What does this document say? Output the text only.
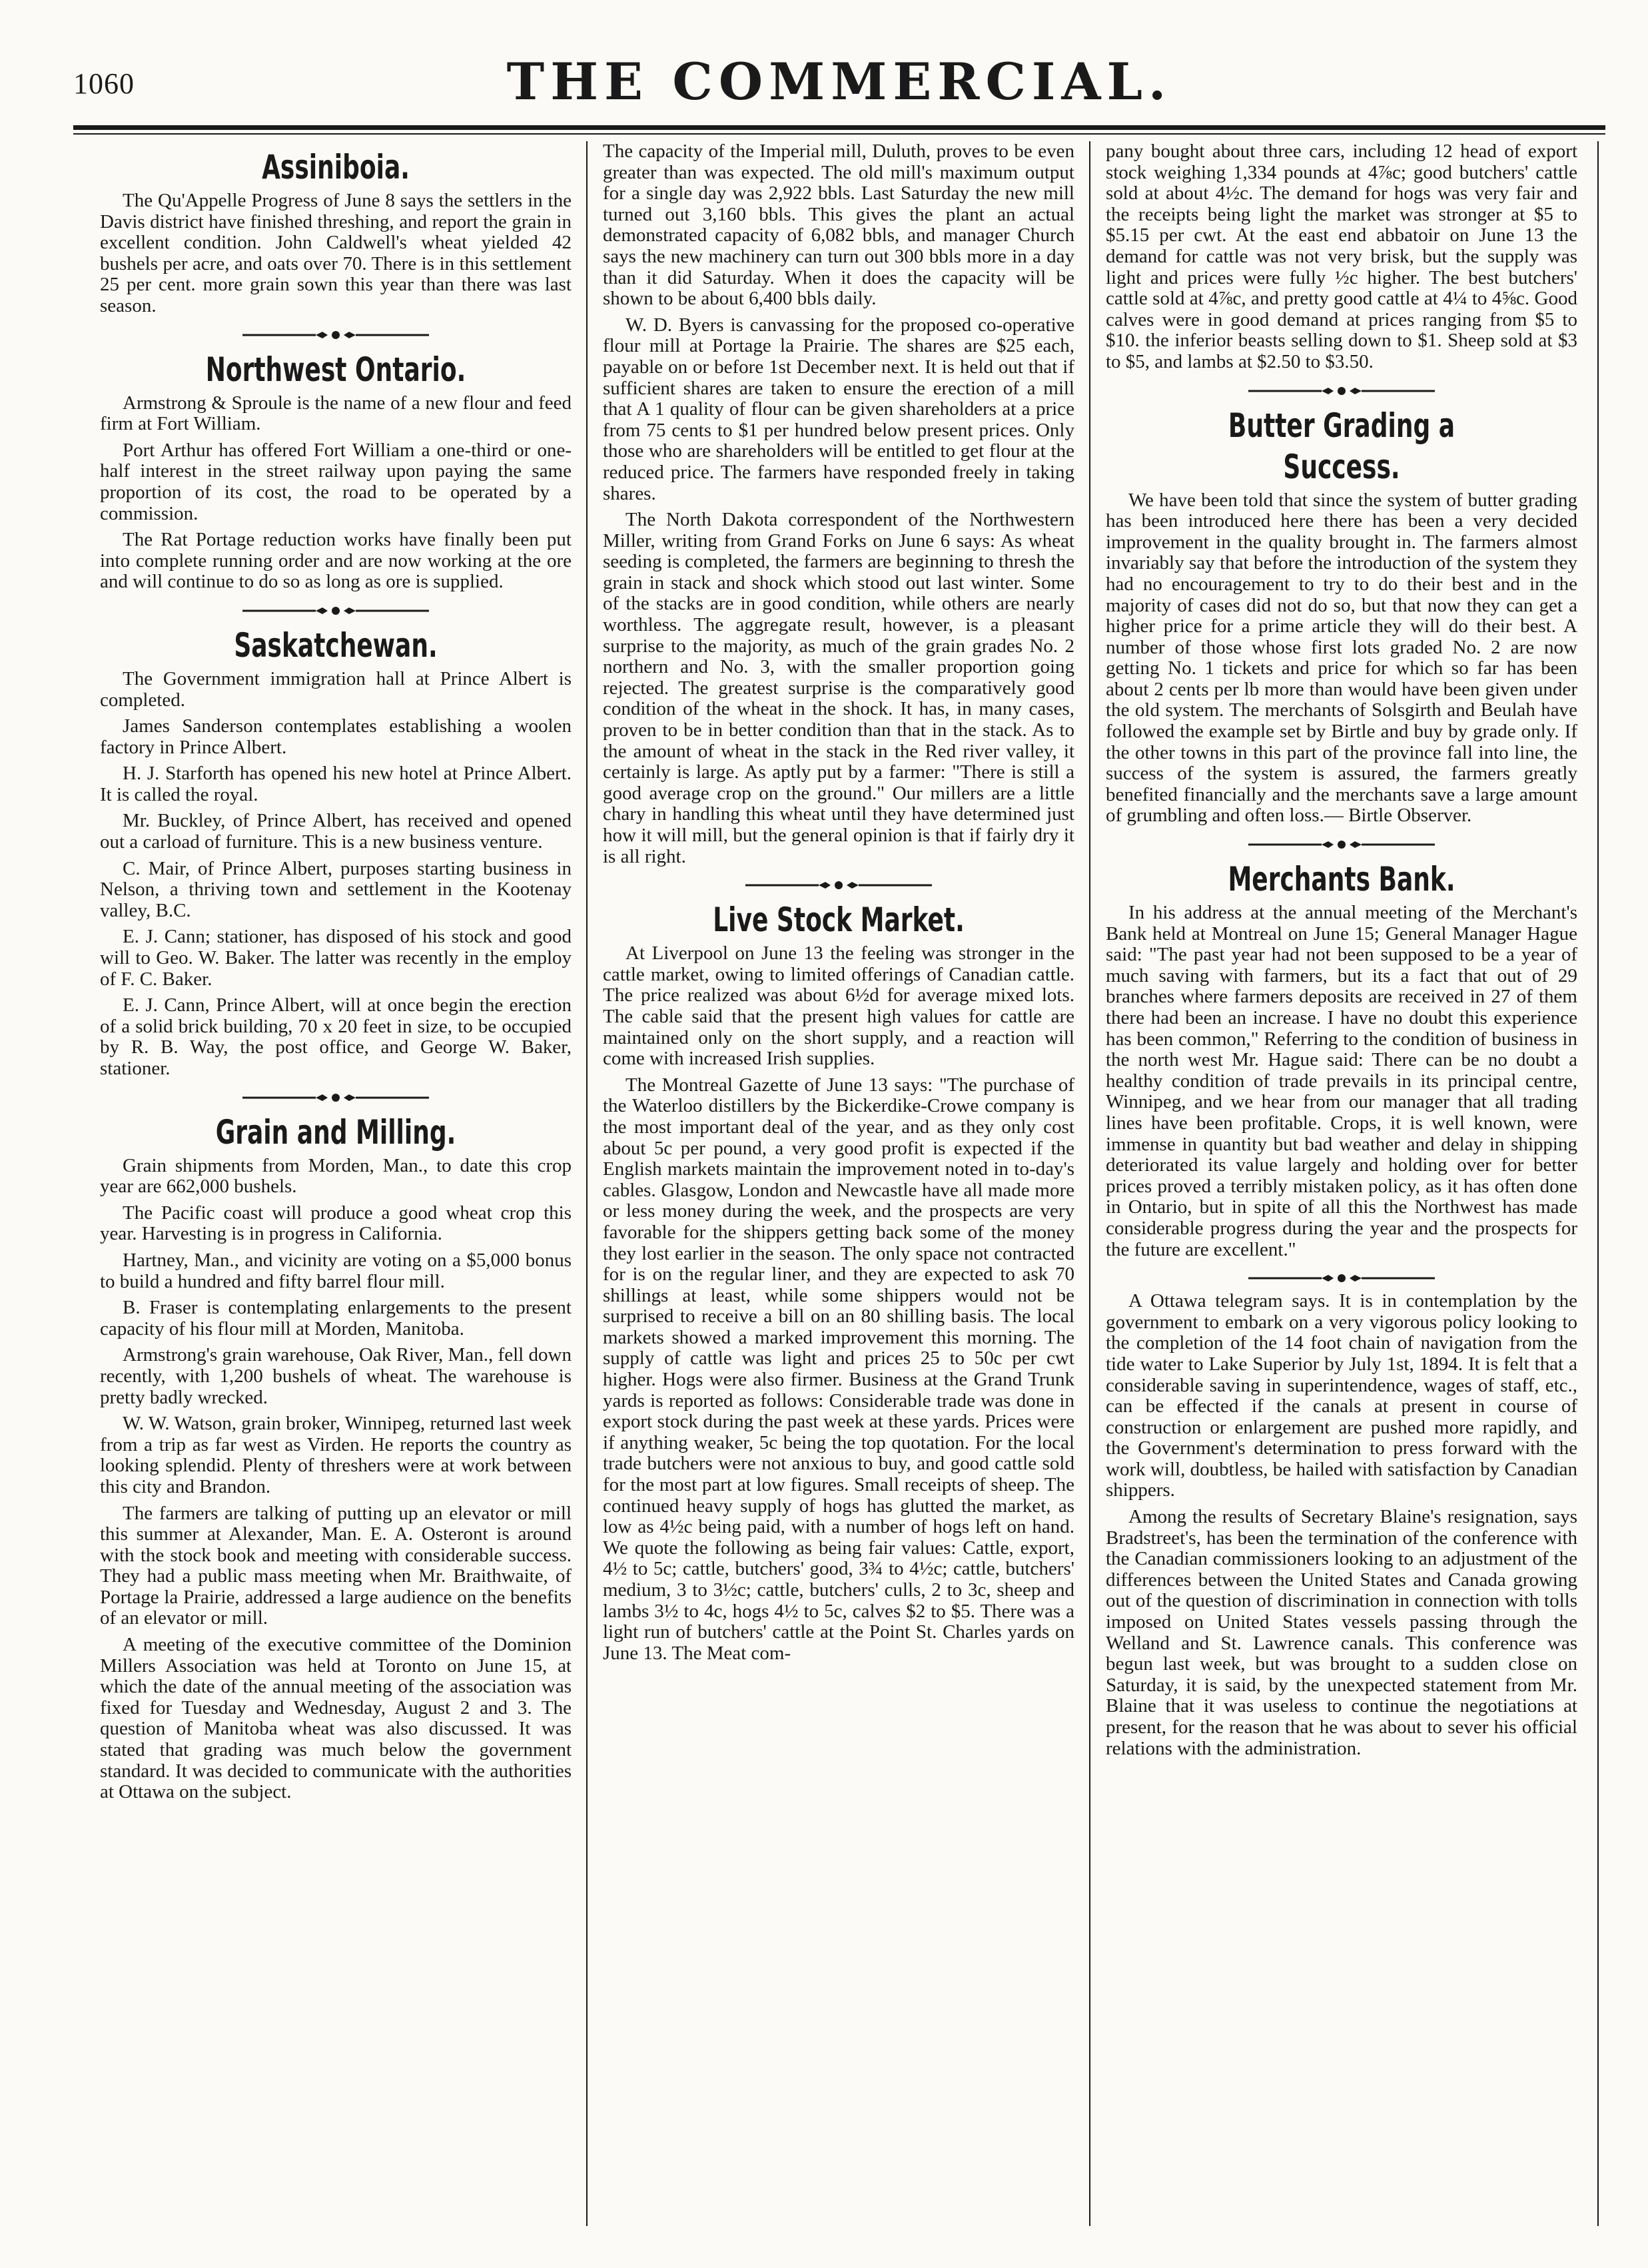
1060	THE COMMERCIAL.
Assiniboia.

The Qu'Appelle Progress of June 8 says the settlers in the Davis district have finished threshing, and report the grain in excellent condition. John Caldwell's wheat yielded 42 bushels per acre, and oats over 70. There is in this settlement 25 per cent. more grain sown this year than there was last season.

Northwest Ontario.

Armstrong & Sproule is the name of a new flour and feed firm at Fort William.

Port Arthur has offered Fort William a one-third or one-half interest in the street railway upon paying the same proportion of its cost, the road to be operated by a commission.

The Rat Portage reduction works have finally been put into complete running order and are now working at the ore and will continue to do so as long as ore is supplied.

Saskatchewan.

The Government immigration hall at Prince Albert is completed.

James Sanderson contemplates establishing a woolen factory in Prince Albert.

H. J. Starforth has opened his new hotel at Prince Albert. It is called the royal.

Mr. Buckley, of Prince Albert, has received and opened out a carload of furniture. This is a new business venture.

C. Mair, of Prince Albert, purposes starting business in Nelson, a thriving town and settlement in the Kootenay valley, B.C.

E. J. Cann; stationer, has disposed of his stock and good will to Geo. W. Baker. The latter was recently in the employ of F. C. Baker.

E. J. Cann, Prince Albert, will at once begin the erection of a solid brick building, 70 x 20 feet in size, to be occupied by R. B. Way, the post office, and George W. Baker, stationer.

Grain and Milling.

Grain shipments from Morden, Man., to date this crop year are 662,000 bushels.

The Pacific coast will produce a good wheat crop this year. Harvesting is in progress in California.

Hartney, Man., and vicinity are voting on a $5,000 bonus to build a hundred and fifty barrel flour mill.

B. Fraser is contemplating enlargements to the present capacity of his flour mill at Morden, Manitoba.

Armstrong's grain warehouse, Oak River, Man., fell down recently, with 1,200 bushels of wheat. The warehouse is pretty badly wrecked.

W. W. Watson, grain broker, Winnipeg, returned last week from a trip as far west as Virden. He reports the country as looking splendid. Plenty of threshers were at work between this city and Brandon.

The farmers are talking of putting up an elevator or mill this summer at Alexander, Man. E. A. Osteront is around with the stock book and meeting with considerable success. They had a public mass meeting when Mr. Braithwaite, of Portage la Prairie, addressed a large audience on the benefits of an elevator or mill.

A meeting of the executive committee of the Dominion Millers Association was held at Toronto on June 15, at which the date of the annual meeting of the association was fixed for Tuesday and Wednesday, August 2 and 3. The question of Manitoba wheat was also discussed. It was stated that grading was much below the government standard. It was decided to communicate with the authorities at Ottawa on the subject.

The capacity of the Imperial mill, Duluth, proves to be even greater than was expected. The old mill's maximum output for a single day was 2,922 bbls. Last Saturday the new mill turned out 3,160 bbls. This gives the plant an actual demonstrated capacity of 6,082 bbls, and manager Church says the new machinery can turn out 300 bbls more in a day than it did Saturday. When it does the capacity will be shown to be about 6,400 bbls daily.

W. D. Byers is canvassing for the proposed co-operative flour mill at Portage la Prairie. The shares are $25 each, payable on or before 1st December next. It is held out that if sufficient shares are taken to ensure the erection of a mill that A 1 quality of flour can be given shareholders at a price from 75 cents to $1 per hundred below present prices. Only those who are shareholders will be entitled to get flour at the reduced price. The farmers have responded freely in taking shares.

The North Dakota correspondent of the Northwestern Miller, writing from Grand Forks on June 6 says: As wheat seeding is completed, the farmers are beginning to thresh the grain in stack and shock which stood out last winter. Some of the stacks are in good condition, while others are nearly worthless. The aggregate result, however, is a pleasant surprise to the majority, as much of the grain grades No. 2 northern and No. 3, with the smaller proportion going rejected. The greatest surprise is the comparatively good condition of the wheat in the shock. It has, in many cases, proven to be in better condition than that in the stack. As to the amount of wheat in the stack in the Red river valley, it certainly is large. As aptly put by a farmer: "There is still a good average crop on the ground." Our millers are a little chary in handling this wheat until they have determined just how it will mill, but the general opinion is that if fairly dry it is all right.

Live Stock Market.

At Liverpool on June 13 the feeling was stronger in the cattle market, owing to limited offerings of Canadian cattle. The price realized was about 6½d for average mixed lots. The cable said that the present high values for cattle are maintained only on the short supply, and a reaction will come with increased Irish supplies.

The Montreal Gazette of June 13 says: "The purchase of the Waterloo distillers by the Bickerdike-Crowe company is the most important deal of the year, and as they only cost about 5c per pound, a very good profit is expected if the English markets maintain the improvement noted in to-day's cables. Glasgow, London and Newcastle have all made more or less money during the week, and the prospects are very favorable for the shippers getting back some of the money they lost earlier in the season. The only space not contracted for is on the regular liner, and they are expected to ask 70 shillings at least, while some shippers would not be surprised to receive a bill on an 80 shilling basis. The local markets showed a marked improvement this morning. The supply of cattle was light and prices 25 to 50c per cwt higher. Hogs were also firmer. Business at the Grand Trunk yards is reported as follows: Considerable trade was done in export stock during the past week at these yards. Prices were if anything weaker, 5c being the top quotation. For the local trade butchers were not anxious to buy, and good cattle sold for the most part at low figures. Small receipts of sheep. The continued heavy supply of hogs has glutted the market, as low as 4½c being paid, with a number of hogs left on hand. We quote the following as being fair values: Cattle, export, 4½ to 5c; cattle, butchers' good, 3¾ to 4½c; cattle, butchers' medium, 3 to 3½c; cattle, butchers' culls, 2 to 3c, sheep and lambs 3½ to 4c, hogs 4½ to 5c, calves $2 to $5. There was a light run of butchers' cattle at the Point St. Charles yards on June 13. The Meat com-

pany bought about three cars, including 12 head of export stock weighing 1,334 pounds at 4⅞c; good butchers' cattle sold at about 4½c. The demand for hogs was very fair and the receipts being light the market was stronger at $5 to $5.15 per cwt. At the east end abbatoir on June 13 the demand for cattle was not very brisk, but the supply was light and prices were fully ½c higher. The best butchers' cattle sold at 4⅞c, and pretty good cattle at 4¼ to 4⅝c. Good calves were in good demand at prices ranging from $5 to $10. the inferior beasts selling down to $1. Sheep sold at $3 to $5, and lambs at $2.50 to $3.50.

Butter Grading a Success.

We have been told that since the system of butter grading has been introduced here there has been a very decided improvement in the quality brought in. The farmers almost invariably say that before the introduction of the system they had no encouragement to try to do their best and in the majority of cases did not do so, but that now they can get a higher price for a prime article they will do their best. A number of those whose first lots graded No. 2 are now getting No. 1 tickets and price for which so far has been about 2 cents per lb more than would have been given under the old system. The merchants of Solsgirth and Beulah have followed the example set by Birtle and buy by grade only. If the other towns in this part of the province fall into line, the success of the system is assured, the farmers greatly benefited financially and the merchants save a large amount of grumbling and often loss.— Birtle Observer.

Merchants Bank.

In his address at the annual meeting of the Merchant's Bank held at Montreal on June 15; General Manager Hague said: "The past year had not been supposed to be a year of much saving with farmers, but its a fact that out of 29 branches where farmers deposits are received in 27 of them there had been an increase. I have no doubt this experience has been common," Referring to the condition of business in the north west Mr. Hague said: There can be no doubt a healthy condition of trade prevails in its principal centre, Winnipeg, and we hear from our manager that all trading lines have been profitable. Crops, it is well known, were immense in quantity but bad weather and delay in shipping deteriorated its value largely and holding over for better prices proved a terribly mistaken policy, as it has often done in Ontario, but in spite of all this the Northwest has made considerable progress during the year and the prospects for the future are excellent."

A Ottawa telegram says. It is in contemplation by the government to embark on a very vigorous policy looking to the completion of the 14 foot chain of navigation from the tide water to Lake Superior by July 1st, 1894. It is felt that a considerable saving in superintendence, wages of staff, etc., can be effected if the canals at present in course of construction or enlargement are pushed more rapidly, and the Government's determination to press forward with the work will, doubtless, be hailed with satisfaction by Canadian shippers.

Among the results of Secretary Blaine's resignation, says Bradstreet's, has been the termination of the conference with the Canadian commissioners looking to an adjustment of the differences between the United States and Canada growing out of the question of discrimination in connection with tolls imposed on United States vessels passing through the Welland and St. Lawrence canals. This conference was begun last week, but was brought to a sudden close on Saturday, it is said, by the unexpected statement from Mr. Blaine that it was useless to continue the negotiations at present, for the reason that he was about to sever his official relations with the administration.
